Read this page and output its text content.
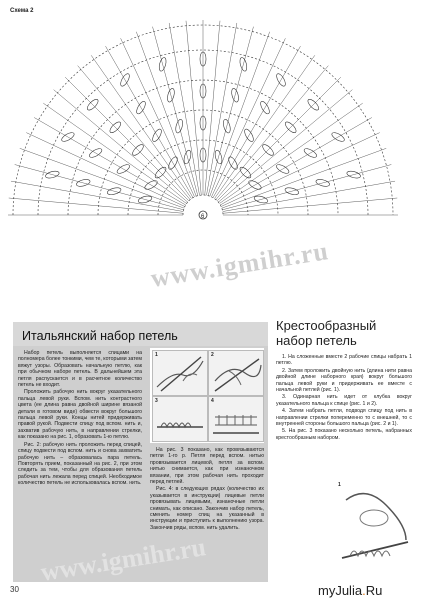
6
Схема 2
Итальянский набор петель

Набор петель выполняется спицами на полномера более тонкими, чем те, которыми затем вяжут узоры. Образовать начальную петлю, как при обычном наборе петель. В дальнейшем эта петля распускается и в расчетное количество петель не входит.

Проложить рабочую нить вокруг указательного пальца левой руки. Вспом. нить контрастного цвета (ее длина равна двойной ширине вязаной детали в готовом виде) обвести вокруг большого пальца левой руки. Концы нитей придерживать правой рукой. Подвести спицу под вспом. нить и, захватив рабочую нить, в направлении стрелки, как показано на рис. 1, образовать 1-ю петлю.

Рис. 2: рабочую нить проложить перед спицей, спицу подвести под вспом. нить и снова захватить рабочую нить – образовалась пара петель. Повторять прием, показанный на рис. 2, при этом следить за тем, чтобы для образования петель рабочая нить лежала перед спицей. Необходимое количество петель не использовалась вспом. нить.

1	2
3	4

На рис. 3 показано, как провязываются петли 1-го р. Петля перед вспом. нитью провязывается лицевой, петля за вспом. нитью снимается, как при изнаночном вязании, при этом рабочая нить проходит перед петлей.

Рис. 4: в следующих рядах (количество их указывается в инструкции) лицевые петли провязывать лицевыми, изнаночные петли снимать, как описано. Закончив набор петель, сменить номер спиц на указанный в инструкции и приступить к выполнению узора. Закончив ряды, вспом. нить удалить.

Крестообразный набор петель

1. На сложенные вместе 2 рабочие спицы набрать 1 петлю.

2. Затем проложить двойную нить (длина нити равна двойной длине наборного края) вокруг большого пальца левой руки и придерживать ее вместе с начальной петлей (рис. 1).

3. Одинарная нить идет от клубка вокруг указательного пальца к спице (рис. 1 и 2).

4. Затем набрать петли, подводя спицу под нить в направлении стрелки попеременно то с внешней, то с внутренней стороны большого пальца (рис. 2 и 1).

5. На рис. 3 показано несколько петель, набранных крестообразным набором.

1
www.igmihr.ru
www.igmihr.ru
30	myJulia.Ru
